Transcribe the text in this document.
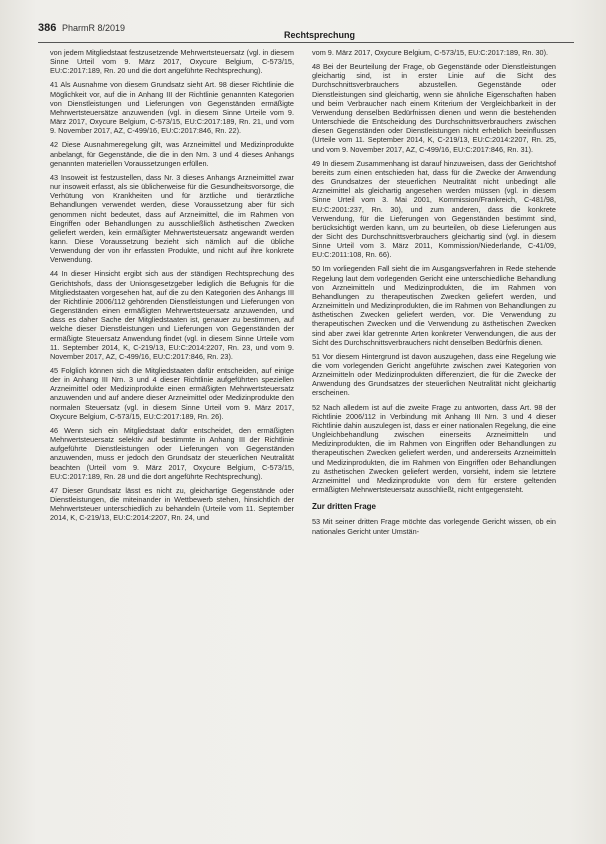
386 PharmR 8/2019
Rechtsprechung

von jedem Mitgliedstaat festzusetzende Mehrwertsteuersatz (vgl. in diesem Sinne Urteil vom 9. März 2017, Oxycure Belgium, C-573/15, EU:C:2017:189, Rn. 20 und die dort angeführte Rechtsprechung).

41 Als Ausnahme von diesem Grundsatz sieht Art. 98 dieser Richtlinie die Möglichkeit vor, auf die in Anhang III der Richtlinie genannten Kategorien von Dienstleistungen und Lieferungen von Gegenständen ermäßigte Mehrwertsteuersätze anzuwenden (vgl. in diesem Sinne Urteile vom 9. März 2017, Oxycure Belgium, C-573/15, EU:C:2017:189, Rn. 21, und vom 9. November 2017, AZ, C-499/16, EU:C:2017:846, Rn. 22).

42 Diese Ausnahmeregelung gilt, was Arzneimittel und Medizinprodukte anbelangt, für Gegenstände, die die in den Nrn. 3 und 4 dieses Anhangs genannten materiellen Voraussetzungen erfüllen.

43 Insoweit ist festzustellen, dass Nr. 3 dieses Anhangs Arzneimittel zwar nur insoweit erfasst, als sie üblicherweise für die Gesundheitsvorsorge, die Verhütung von Krankheiten und für ärztliche und tierärztliche Behandlungen verwendet werden, diese Voraussetzung aber für sich genommen nicht bedeutet, dass auf Arzneimittel, die im Rahmen von Eingriffen oder Behandlungen zu ausschließlich ästhetischen Zwecken geliefert werden, kein ermäßigter Mehrwertsteuersatz angewandt werden kann. Diese Voraussetzung bezieht sich nämlich auf die übliche Verwendung der von ihr erfassten Produkte, und nicht auf ihre konkrete Verwendung.

44 In dieser Hinsicht ergibt sich aus der ständigen Rechtsprechung des Gerichtshofs, dass der Unionsgesetzgeber lediglich die Befugnis für die Mitgliedstaaten vorgesehen hat, auf die zu den Kategorien des Anhangs III der Richtlinie 2006/112 gehörenden Dienstleistungen und Lieferungen von Gegenständen einen ermäßigten Mehrwertsteuersatz anzuwenden, und dass es daher Sache der Mitgliedstaaten ist, genauer zu bestimmen, auf welche dieser Dienstleistungen und Lieferungen von Gegenständen der ermäßigte Steuersatz Anwendung findet (vgl. in diesem Sinne Urteile vom 11. September 2014, K, C-219/13, EU:C:2014:2207, Rn. 23, und vom 9. November 2017, AZ, C-499/16, EU:C:2017:846, Rn. 23).

45 Folglich können sich die Mitgliedstaaten dafür entscheiden, auf einige der in Anhang III Nrn. 3 und 4 dieser Richtlinie aufgeführten speziellen Arzneimittel oder Medizinprodukte einen ermäßigten Mehrwertsteuersatz anzuwenden und auf andere dieser Arzneimittel oder Medizinprodukte den normalen Steuersatz (vgl. in diesem Sinne Urteil vom 9. März 2017, Oxycure Belgium, C-573/15, EU:C:2017:189, Rn. 26).

46 Wenn sich ein Mitgliedstaat dafür entscheidet, den ermäßigten Mehrwertsteuersatz selektiv auf bestimmte in Anhang III der Richtlinie aufgeführte Dienstleistungen oder Lieferungen von Gegenständen anzuwenden, muss er jedoch den Grundsatz der steuerlichen Neutralität beachten (Urteil vom 9. März 2017, Oxycure Belgium, C-573/15, EU:C:2017:189, Rn. 28 und die dort angeführte Rechtsprechung).

47 Dieser Grundsatz lässt es nicht zu, gleichartige Gegenstände oder Dienstleistungen, die miteinander in Wettbewerb stehen, hinsichtlich der Mehrwertsteuer unterschiedlich zu behandeln (Urteile vom 11. September 2014, K, C-219/13, EU:C:2014:2207, Rn. 24, und

vom 9. März 2017, Oxycure Belgium, C-573/15, EU:C:2017:189, Rn. 30).

48 Bei der Beurteilung der Frage, ob Gegenstände oder Dienstleistungen gleichartig sind, ist in erster Linie auf die Sicht des Durchschnittsverbrauchers abzustellen. Gegenstände oder Dienstleistungen sind gleichartig, wenn sie ähnliche Eigenschaften haben und beim Verbraucher nach einem Kriterium der Vergleichbarkeit in der Verwendung denselben Bedürfnissen dienen und wenn die bestehenden Unterschiede die Entscheidung des Durchschnittsverbrauchers zwischen diesen Gegenständen oder Dienstleistungen nicht erheblich beeinflussen (Urteile vom 11. September 2014, K, C-219/13, EU:C:2014:2207, Rn. 25, und vom 9. November 2017, AZ, C-499/16, EU:C:2017:846, Rn. 31).

49 In diesem Zusammenhang ist darauf hinzuweisen, dass der Gerichtshof bereits zum einen entschieden hat, dass für die Zwecke der Anwendung des Grundsatzes der steuerlichen Neutralität nicht unbedingt alle Arzneimittel als gleichartig angesehen werden müssen (vgl. in diesem Sinne Urteil vom 3. Mai 2001, Kommission/Frankreich, C-481/98, EU:C:2001:237, Rn. 30), und zum anderen, dass die konkrete Verwendung, für die Lieferungen von Gegenständen bestimmt sind, berücksichtigt werden kann, um zu beurteilen, ob diese Lieferungen aus der Sicht des Durchschnittsverbrauchers gleichartig sind (vgl. in diesem Sinne Urteil vom 3. März 2011, Kommission/Niederlande, C-41/09, EU:C:2011:108, Rn. 66).

50 Im vorliegenden Fall sieht die im Ausgangsverfahren in Rede stehende Regelung laut dem vorlegenden Gericht eine unterschiedliche Behandlung von Arzneimitteln und Medizinprodukten, die im Rahmen von Behandlungen zu therapeutischen Zwecken geliefert werden, und Arzneimitteln und Medizinprodukten, die im Rahmen von Behandlungen zu ästhetischen Zwecken geliefert werden, vor. Die Verwendung zu therapeutischen Zwecken und die Verwendung zu ästhetischen Zwecken sind aber zwei klar getrennte Arten konkreter Verwendungen, die aus der Sicht des Durchschnittsverbrauchers nicht denselben Bedürfnis dienen.

51 Vor diesem Hintergrund ist davon auszugehen, dass eine Regelung wie die vom vorlegenden Gericht angeführte zwischen zwei Kategorien von Arzneimitteln oder Medizinprodukten differenziert, die für die Zwecke der Anwendung des Grundsatzes der steuerlichen Neutralität nicht gleichartig erscheinen.

52 Nach alledem ist auf die zweite Frage zu antworten, dass Art. 98 der Richtlinie 2006/112 in Verbindung mit Anhang III Nrn. 3 und 4 dieser Richtlinie dahin auszulegen ist, dass er einer nationalen Regelung, die eine Ungleichbehandlung zwischen einerseits Arzneimitteln und Medizinprodukten, die im Rahmen von Eingriffen oder Behandlungen zu therapeutischen Zwecken geliefert werden, und andererseits Arzneimitteln und Medizinprodukten, die im Rahmen von Eingriffen oder Behandlungen zu ästhetischen Zwecken geliefert werden, vorsieht, indem sie letztere Arzneimittel und Medizinprodukte von dem für erstere geltenden ermäßigten Mehrwertsteuersatz ausschließt, nicht entgegensteht.

Zur dritten Frage

53 Mit seiner dritten Frage möchte das vorlegende Gericht wissen, ob ein nationales Gericht unter Umstän-
